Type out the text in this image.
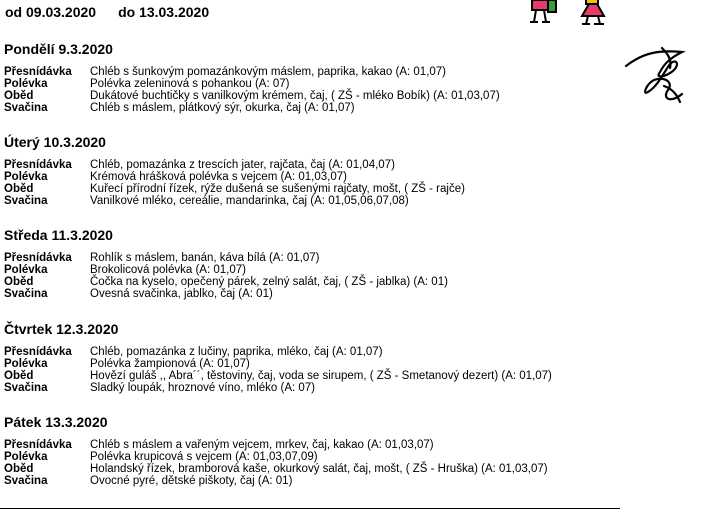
od 09.03.2020 do 13.03.2020
Pondělí 9.3.2020
Přesnídávka	Chléb s šunkovým pomazánkovým máslem, paprika, kakao (A: 01,07)
Polévka	Polévka zeleninová s pohankou (A: 07)
Oběd	Dukátové buchtičky s vanilkovým krémem, čaj, ( ZŠ - mléko Bobík) (A: 01,03,07)
Svačina	Chléb s máslem, plátkový sýr, okurka, čaj (A: 01,07)
Úterý 10.3.2020
Přesnídávka	Chléb, pomazánka z trescích jater, rajčata, čaj (A: 01,04,07)
Polévka	Krémová hrášková polévka s vejcem (A: 01,03,07)
Oběd	Kuřecí přírodní řízek, rýže dušená se sušenými rajčaty, mošt, ( ZŠ - rajče)
Svačina	Vanilkové mléko, cereálie, mandarinka, čaj (A: 01,05,06,07,08)
Středa 11.3.2020
Přesnídávka	Rohlík s máslem, banán, káva bílá (A: 01,07)
Polévka	Brokolicová polévka (A: 01,07)
Oběd	Čočka na kyselo, opečený párek, zelný salát, čaj, ( ZŠ - jablka) (A: 01)
Svačina	Ovesná svačinka, jablko, čaj (A: 01)
Čtvrtek 12.3.2020
Přesnídávka	Chléb, pomazánka z lučiny, paprika, mléko, čaj (A: 01,07)
Polévka	Polévka žampionová (A: 01,07)
Oběd	Hovězí guláš ,, Abra´´, těstoviny, čaj, voda se sirupem, ( ZŠ - Smetanový dezert) (A: 01,07)
Svačina	Sladký loupák, hroznové víno, mléko (A: 07)
Pátek 13.3.2020
Přesnídávka	Chléb s máslem a vařeným vejcem, mrkev, čaj, kakao (A: 01,03,07)
Polévka	Polévka krupicová s vejcem (A: 01,03,07,09)
Oběd	Holandský řízek, bramborová kaše, okurkový salát, čaj, mošt, ( ZŠ - Hruška) (A: 01,03,07)
Svačina	Ovocné pyré, dětské piškoty, čaj (A: 01)
